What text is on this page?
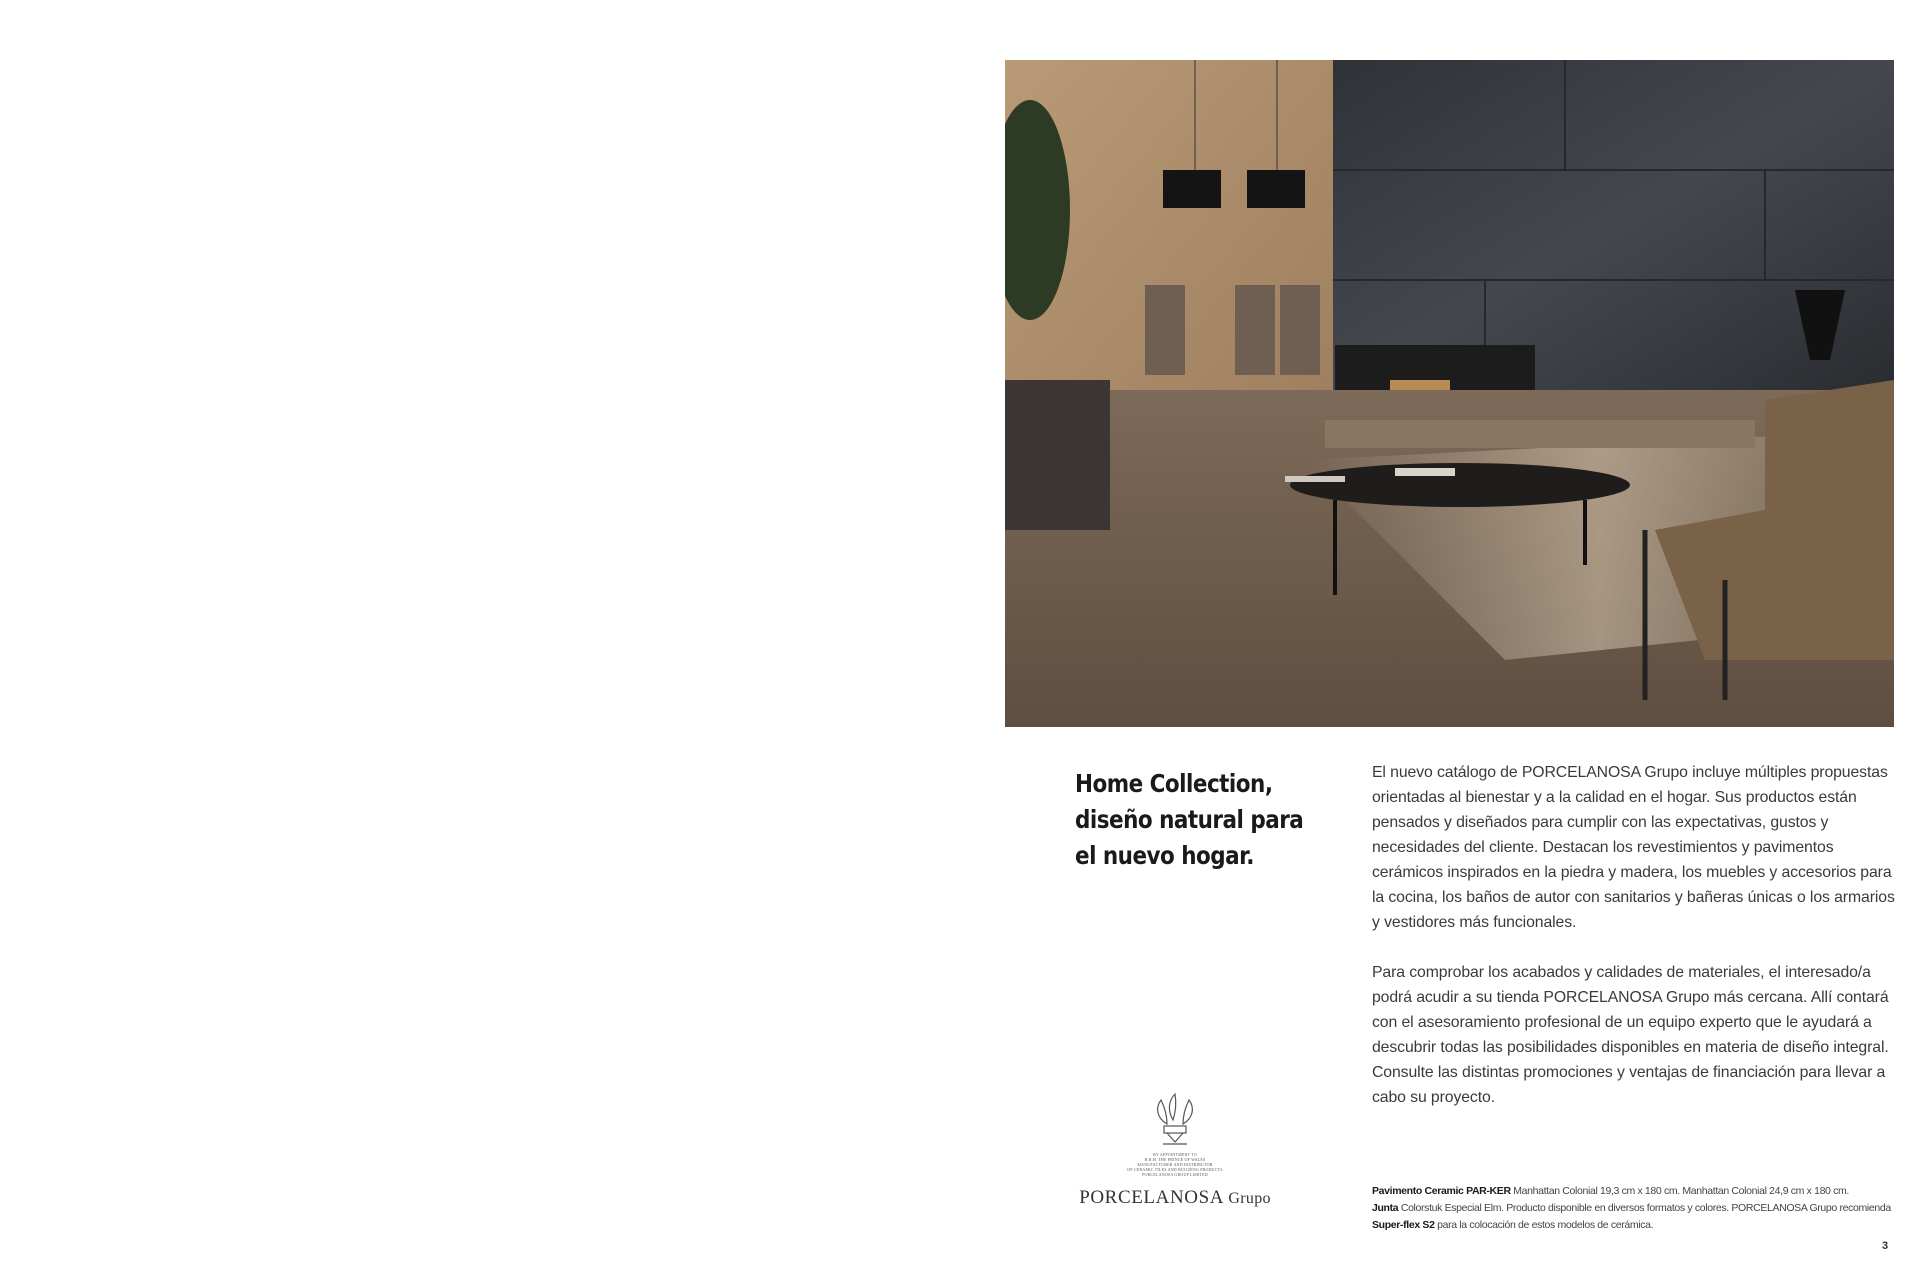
Home Collection,
diseño natural para
el nuevo hogar.

El nuevo catálogo de PORCELANOSA Grupo incluye múltiples propuestas orientadas al bienestar y a la calidad en el hogar. Sus productos están pensados y diseñados para cumplir con las expectativas, gustos y necesidades del cliente. Destacan los revestimientos y pavimentos cerámicos inspirados en la piedra y madera, los muebles y accesorios para la cocina, los baños de autor con sanitarios y bañeras únicas o los armarios y vestidores más funcionales.

Para comprobar los acabados y calidades de materiales, el interesado/a podrá acudir a su tienda PORCELANOSA Grupo más cercana. Allí contará con el asesoramiento profesional de un equipo experto que le ayudará a descubrir todas las posibilidades disponibles en materia de diseño integral. Consulte las distintas promociones y ventajas de financiación para llevar a cabo su proyecto.

BY APPOINTMENT TO
H.R.H. THE PRINCE OF WALES
MANUFACTURER AND DISTRIBUTOR
OF CERAMIC TILES AND BUILDING PRODUCTS
PORCELANOSA GROUP LIMITED
PORCELANOSA Grupo	Pavimento Ceramic PAR-KER Manhattan Colonial 19,3 cm x 180 cm. Manhattan Colonial 24,9 cm x 180 cm.
Junta Colorstuk Especial Elm. Producto disponible en diversos formatos y colores. PORCELANOSA Grupo recomienda
Super-flex S2 para la colocación de estos modelos de cerámica.
3
